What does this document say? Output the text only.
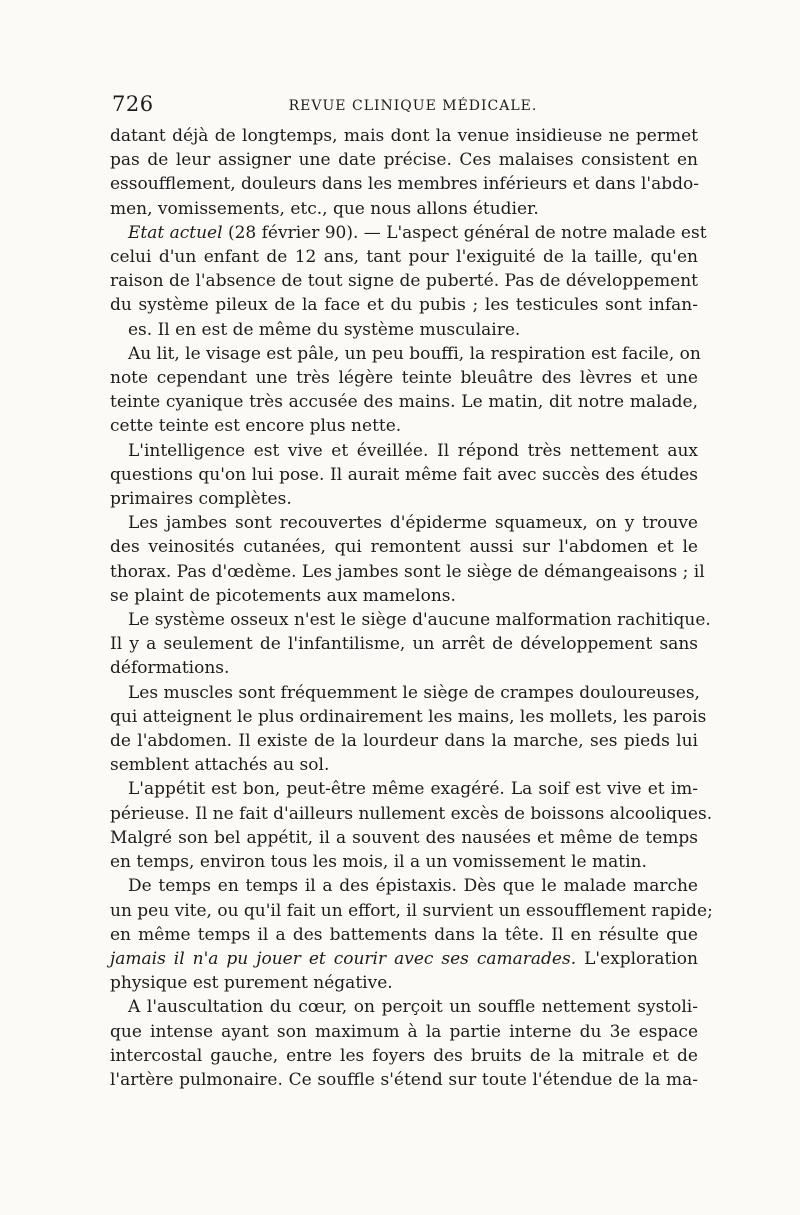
726	REVUE CLINIQUE MÉDICALE.
datant déjà de longtemps, mais dont la venue insidieuse ne permet
pas de leur assigner une date précise. Ces malaises consistent en
essoufflement, douleurs dans les membres inférieurs et dans l'abdo-
men, vomissements, etc., que nous allons étudier.
Etat actuel (28 février 90). — L'aspect général de notre malade est
celui d'un enfant de 12 ans, tant pour l'exiguité de la taille, qu'en
raison de l'absence de tout signe de puberté. Pas de développement
du système pileux de la face et du pubis ; les testicules sont infan-
es. Il en est de même du système musculaire.
Au lit, le visage est pâle, un peu bouffi, la respiration est facile, on
note cependant une très légère teinte bleuâtre des lèvres et une
teinte cyanique très accusée des mains. Le matin, dit notre malade,
cette teinte est encore plus nette.
L'intelligence est vive et éveillée. Il répond très nettement aux
questions qu'on lui pose. Il aurait même fait avec succès des études
primaires complètes.
Les jambes sont recouvertes d'épiderme squameux, on y trouve
des veinosités cutanées, qui remontent aussi sur l'abdomen et le
thorax. Pas d'œdème. Les jambes sont le siège de démangeaisons ; il
se plaint de picotements aux mamelons.
Le système osseux n'est le siège d'aucune malformation rachitique.
Il y a seulement de l'infantilisme, un arrêt de développement sans
déformations.
Les muscles sont fréquemment le siège de crampes douloureuses,
qui atteignent le plus ordinairement les mains, les mollets, les parois
de l'abdomen. Il existe de la lourdeur dans la marche, ses pieds lui
semblent attachés au sol.
L'appétit est bon, peut-être même exagéré. La soif est vive et im-
périeuse. Il ne fait d'ailleurs nullement excès de boissons alcooliques.
Malgré son bel appétit, il a souvent des nausées et même de temps
en temps, environ tous les mois, il a un vomissement le matin.
De temps en temps il a des épistaxis. Dès que le malade marche
un peu vite, ou qu'il fait un effort, il survient un essoufflement rapide;
en même temps il a des battements dans la tête. Il en résulte que
jamais il n'a pu jouer et courir avec ses camarades. L'exploration
physique est purement négative.
A l'auscultation du cœur, on perçoit un souffle nettement systoli-
que intense ayant son maximum à la partie interne du 3e espace
intercostal gauche, entre les foyers des bruits de la mitrale et de
l'artère pulmonaire. Ce souffle s'étend sur toute l'étendue de la ma-
